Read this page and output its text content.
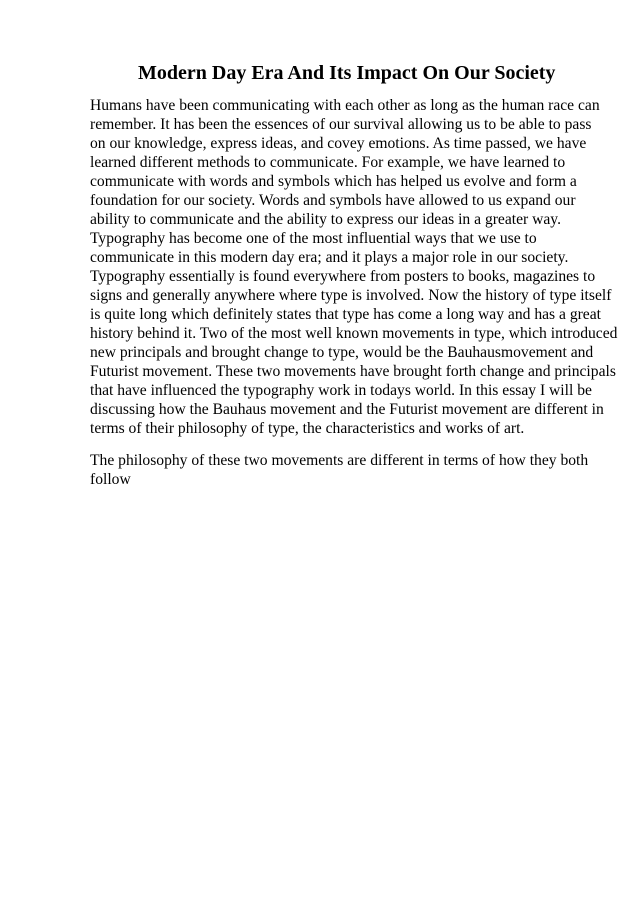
Modern Day Era And Its Impact On Our Society

Humans have been communicating with each other as long as the human race can
remember. It has been the essences of our survival allowing us to be able to pass
on our knowledge, express ideas, and covey emotions. As time passed, we have
learned different methods to communicate. For example, we have learned to
communicate with words and symbols which has helped us evolve and form a
foundation for our society. Words and symbols have allowed to us expand our
ability to communicate and the ability to express our ideas in a greater way.
Typography has become one of the most influential ways that we use to
communicate in this modern day era; and it plays a major role in our society.
Typography essentially is found everywhere from posters to books, magazines to
signs and generally anywhere where type is involved. Now the history of type itself
is quite long which definitely states that type has come a long way and has a great
history behind it. Two of the most well known movements in type, which introduced
new principals and brought change to type, would be the Bauhausmovement and
Futurist movement. These two movements have brought forth change and principals
that have influenced the typography work in todays world. In this essay I will be
discussing how the Bauhaus movement and the Futurist movement are different in
terms of their philosophy of type, the characteristics and works of art.

The philosophy of these two movements are different in terms of how they both
follow
